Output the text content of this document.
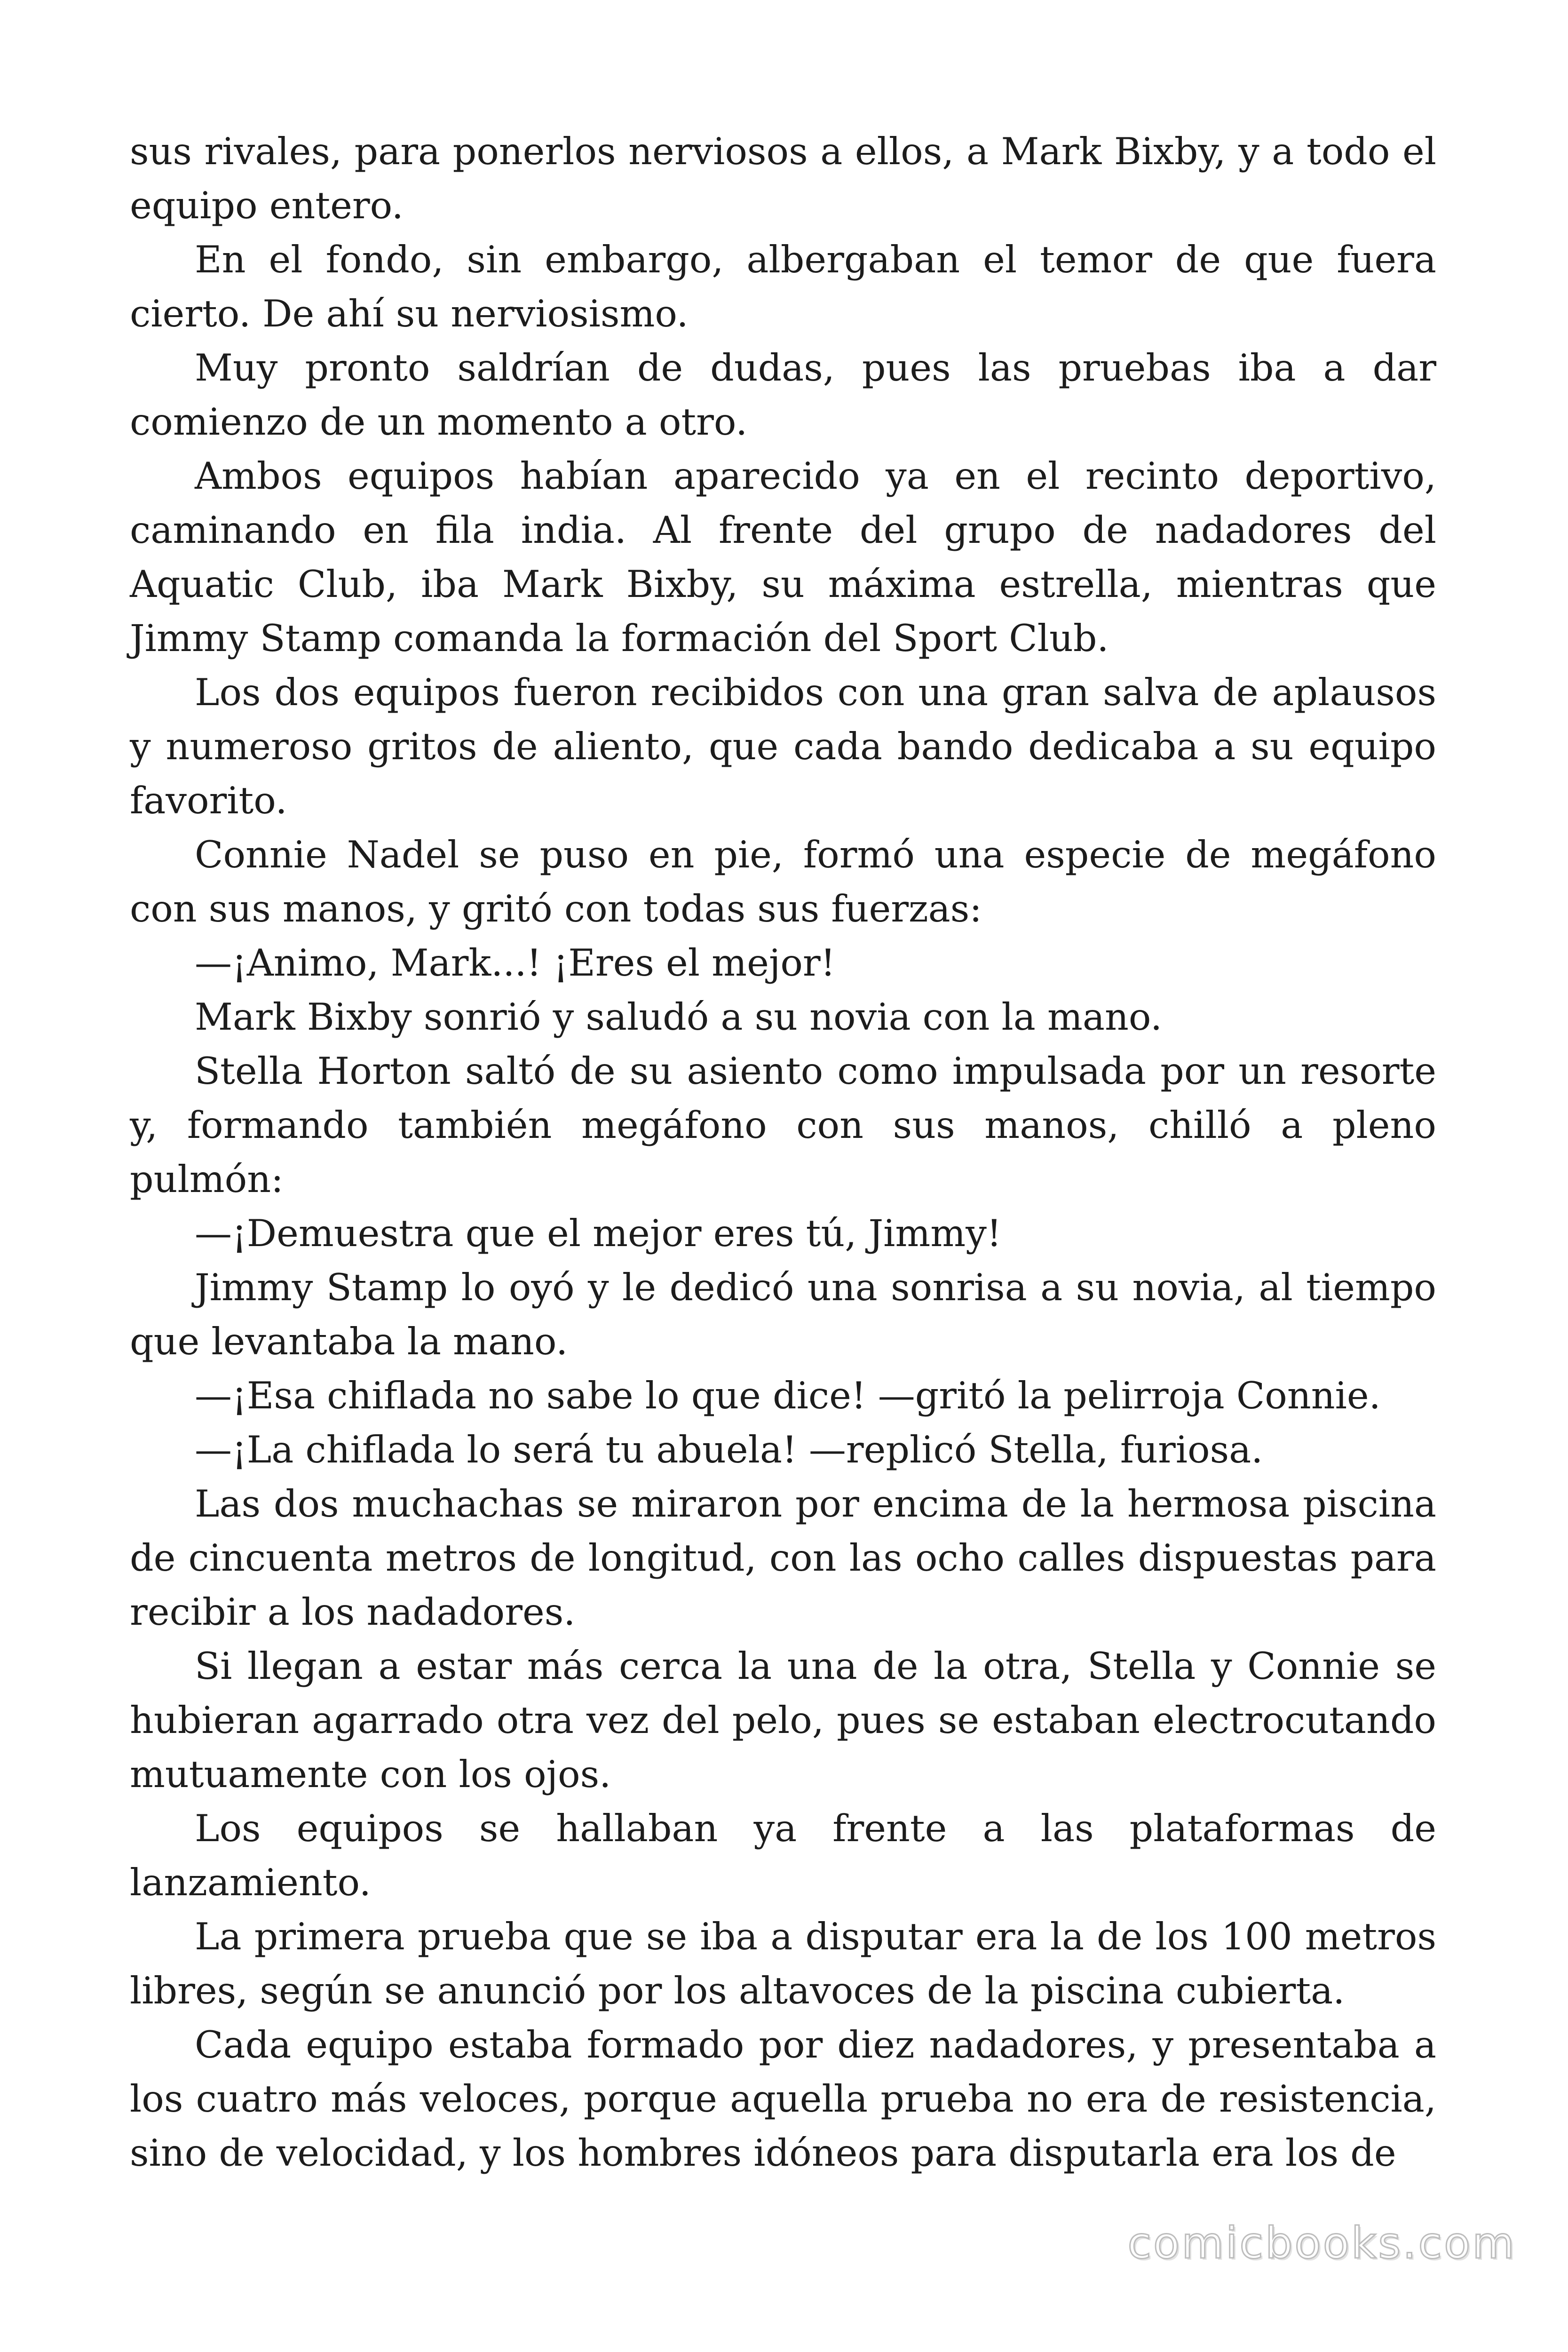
sus rivales, para ponerlos nerviosos a ellos, a Mark Bixby, y a todo el equipo entero.

En el fondo, sin embargo, albergaban el temor de que fuera cierto. De ahí su nerviosismo.

Muy pronto saldrían de dudas, pues las pruebas iba a dar comienzo de un momento a otro.

Ambos equipos habían aparecido ya en el recinto deportivo, caminando en fila india. Al frente del grupo de nadadores del Aquatic Club, iba Mark Bixby, su máxima estrella, mientras que Jimmy Stamp comanda la formación del Sport Club.

Los dos equipos fueron recibidos con una gran salva de aplausos y numeroso gritos de aliento, que cada bando dedicaba a su equipo favorito.

Connie Nadel se puso en pie, formó una especie de megáfono con sus manos, y gritó con todas sus fuerzas:

—¡Animo, Mark...! ¡Eres el mejor!

Mark Bixby sonrió y saludó a su novia con la mano.

Stella Horton saltó de su asiento como impulsada por un resorte y, formando también megáfono con sus manos, chilló a pleno pulmón:

—¡Demuestra que el mejor eres tú, Jimmy!

Jimmy Stamp lo oyó y le dedicó una sonrisa a su novia, al tiempo que levantaba la mano.

—¡Esa chiflada no sabe lo que dice! —gritó la pelirroja Connie.

—¡La chiflada lo será tu abuela! —replicó Stella, furiosa.

Las dos muchachas se miraron por encima de la hermosa piscina de cincuenta metros de longitud, con las ocho calles dispuestas para recibir a los nadadores.

Si llegan a estar más cerca la una de la otra, Stella y Connie se hubieran agarrado otra vez del pelo, pues se estaban electrocutando mutuamente con los ojos.

Los equipos se hallaban ya frente a las plataformas de lanzamiento.

La primera prueba que se iba a disputar era la de los 100 metros libres, según se anunció por los altavoces de la piscina cubierta.

Cada equipo estaba formado por diez nadadores, y presentaba a los cuatro más veloces, porque aquella prueba no era de resistencia, sino de velocidad, y los hombres idóneos para disputarla era los de

comicbooks.com
